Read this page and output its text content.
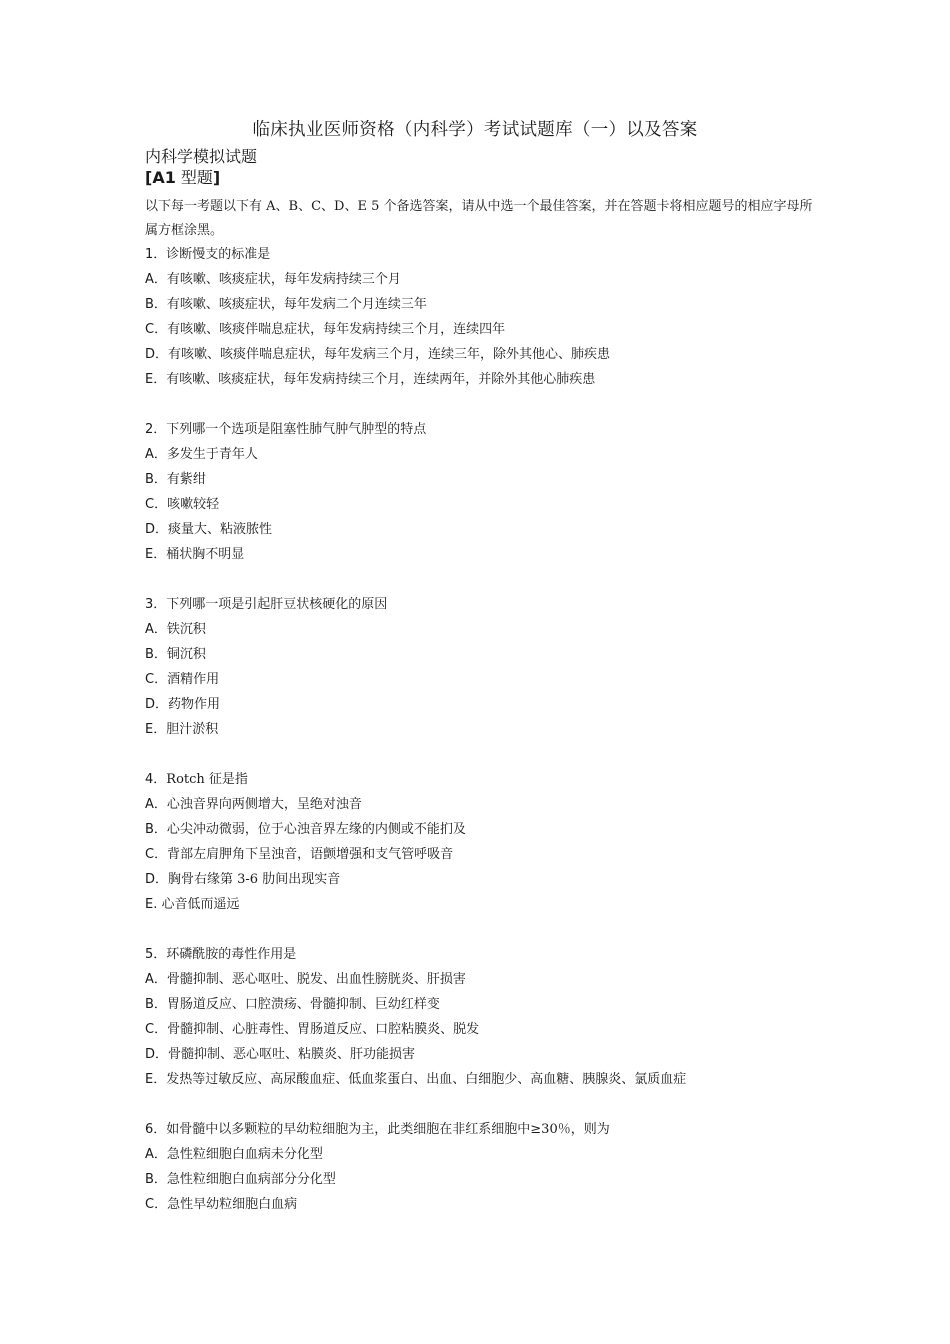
临床执业医师资格（内科学）考试试题库（一）以及答案
内科学模拟试题
[A1 型题]
以下每一考题以下有 A、B、C、D、E 5 个备选答案，请从中选一个最佳答案，并在答题卡将相应题号的相应字母所属方框涂黑。
1．诊断慢支的标准是
A．有咳嗽、咳痰症状，每年发病持续三个月
B．有咳嗽、咳痰症状，每年发病二个月连续三年
C．有咳嗽、咳痰伴喘息症状，每年发病持续三个月，连续四年
D．有咳嗽、咳痰伴喘息症状，每年发病三个月，连续三年，除外其他心、肺疾患
E．有咳嗽、咳痰症状，每年发病持续三个月，连续两年，并除外其他心肺疾患
2．下列哪一个选项是阻塞性肺气肿气肿型的特点
A．多发生于青年人
B．有紫绀
C．咳嗽较轻
D．痰量大、粘液脓性
E．桶状胸不明显
3．下列哪一项是引起肝豆状核硬化的原因
A．铁沉积
B．铜沉积
C．酒精作用
D．药物作用
E．胆汁淤积
4．Rotch 征是指
A．心浊音界向两侧增大，呈绝对浊音
B．心尖冲动微弱，位于心浊音界左缘的内侧或不能扪及
C．背部左肩胛角下呈浊音，语颤增强和支气管呼吸音
D．胸骨右缘第 3-6 肋间出现实音
E. 心音低而遥远
5．环磷酰胺的毒性作用是
A．骨髓抑制、恶心呕吐、脱发、出血性膀胱炎、肝损害
B．胃肠道反应、口腔溃疡、骨髓抑制、巨幼红样变
C．骨髓抑制、心脏毒性、胃肠道反应、口腔粘膜炎、脱发
D．骨髓抑制、恶心呕吐、粘膜炎、肝功能损害
E．发热等过敏反应、高尿酸血症、低血浆蛋白、出血、白细胞少、高血糖、胰腺炎、氯质血症
6．如骨髓中以多颗粒的早幼粒细胞为主，此类细胞在非红系细胞中≥30％，则为
A．急性粒细胞白血病未分化型
B．急性粒细胞白血病部分分化型
C．急性早幼粒细胞白血病
